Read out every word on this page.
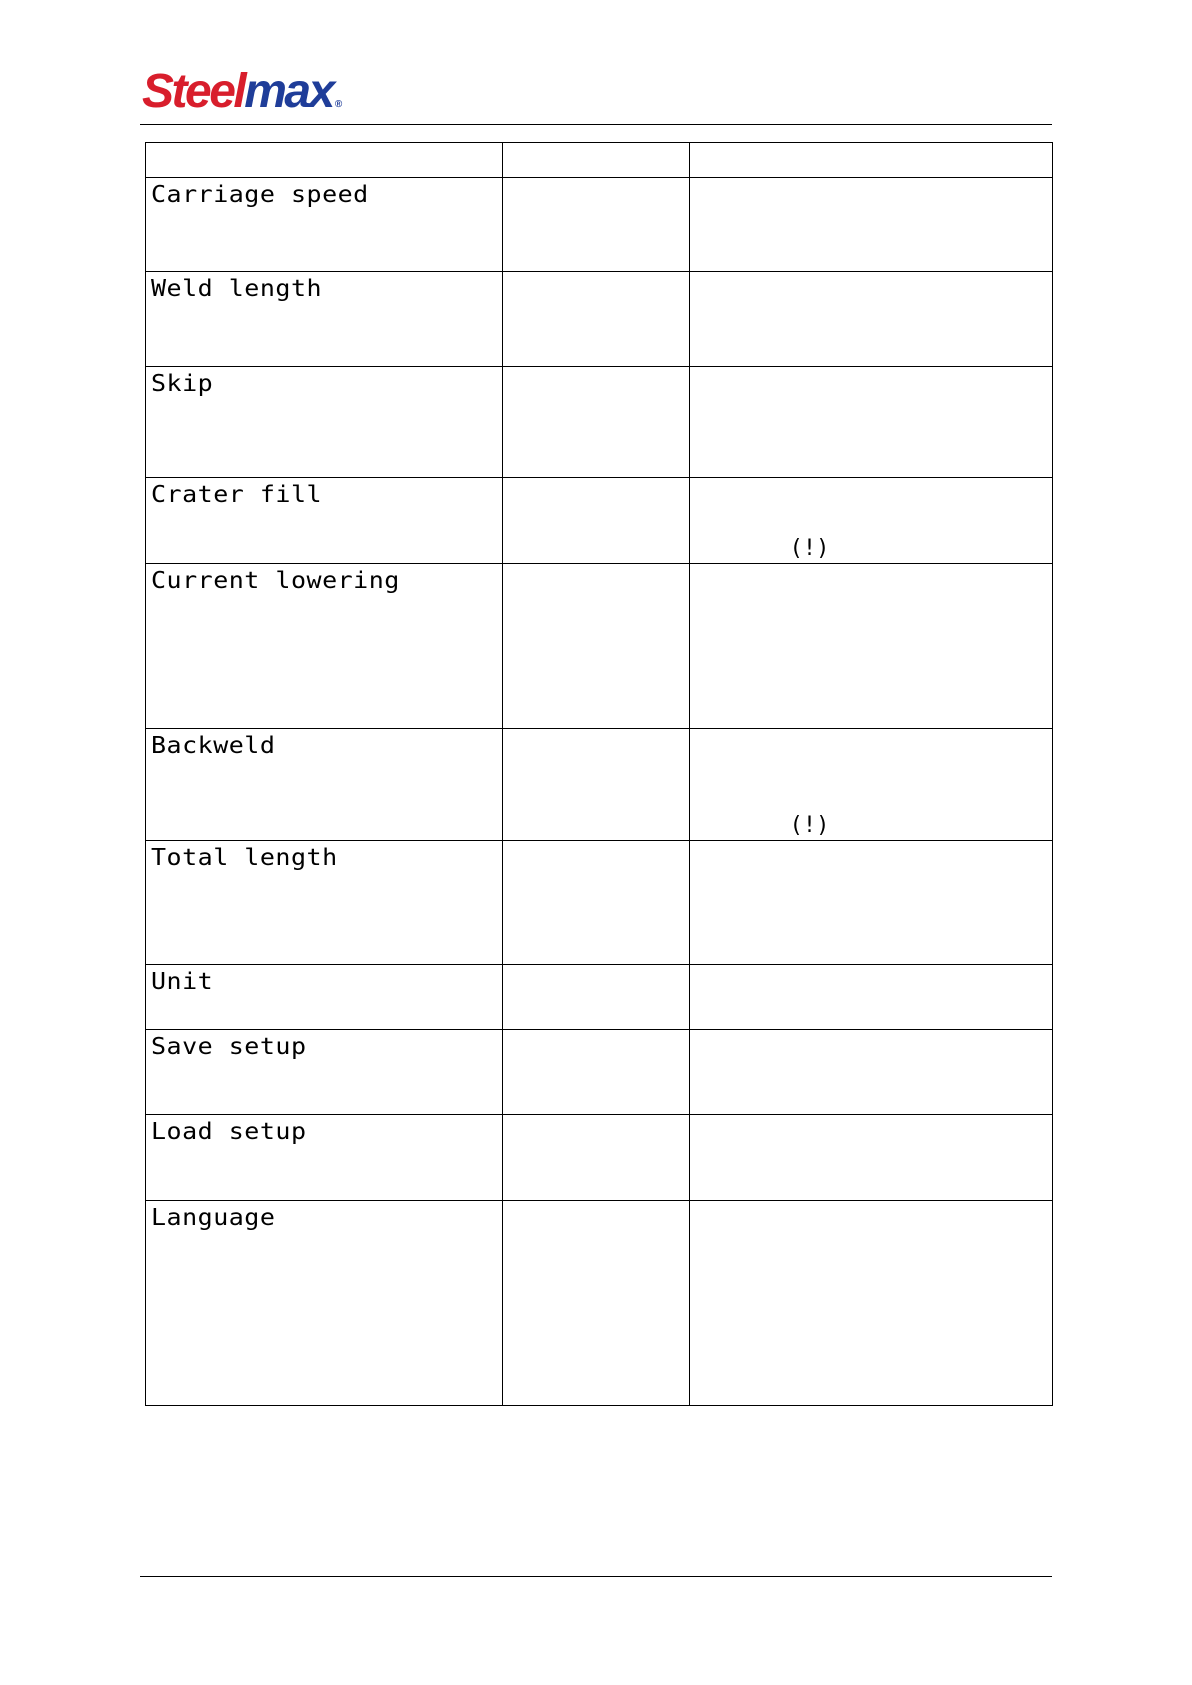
Steelmax ®

Carriage speed		

Weld length		

Skip		

Crater fill		(!)

Current lowering		

Backweld		(!)

Total length		

Unit		

Save setup		

Load setup		

Language		
